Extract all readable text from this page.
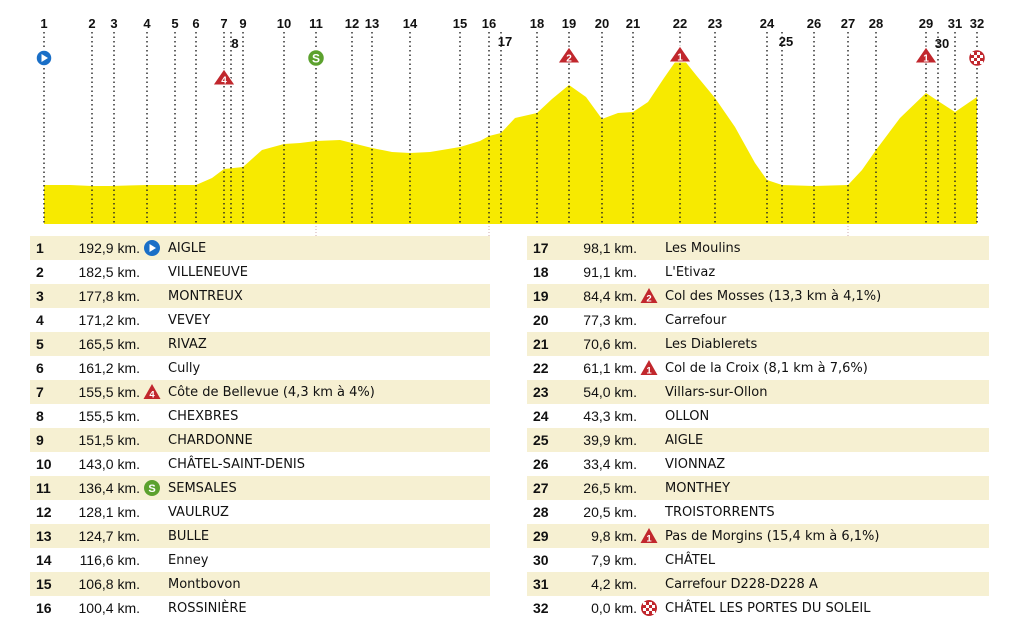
1	2 3 4 5 6 7 9 10 11 12 13 14	15 16	18 19 20 21	22 23	24	26 27 28	29 31 32
8	17	25	30
4
S	2	1	1
1	192,9 km.	AIGLE
2	182,5 km.	VILLENEUVE
3	177,8 km.	MONTREUX
4	171,2 km.	VEVEY
5	165,5 km.	RIVAZ
6	161,2 km.	Cully
7	155,5 km. 4	Côte de Bellevue (4,3 km à 4%)
8	155,5 km.	CHEXBRES
9	151,5 km.	CHARDONNE
10	143,0 km.	CHÂTEL-SAINT-DENIS
11	136,4 km. S SEMSALES
12	128,1 km.	VAULRUZ
13	124,7 km.	BULLE
14	116,6 km.	Enney
15	106,8 km.	Montbovon
16	100,4 km.	ROSSINIÈRE
17	98,1 km.	Les Moulins
18	91,1 km.	L'Etivaz
19	84,4 km. 2	Col des Mosses (13,3 km à 4,1%)
20	77,3 km.	Carrefour
21	70,6 km.	Les Diablerets
22	61,1 km. 1	Col de la Croix (8,1 km à 7,6%)
23	54,0 km.	Villars-sur-Ollon
24	43,3 km.	OLLON
25	39,9 km.	AIGLE
26	33,4 km.	VIONNAZ
27	26,5 km.	MONTHEY
28	20,5 km.	TROISTORRENTS
29	9,8 km. 1	Pas de Morgins (15,4 km à 6,1%)
30	7,9 km.	CHÂTEL
31	4,2 km.	Carrefour D228-D228 A
32	0,0 km.	CHÂTEL LES PORTES DU SOLEIL
